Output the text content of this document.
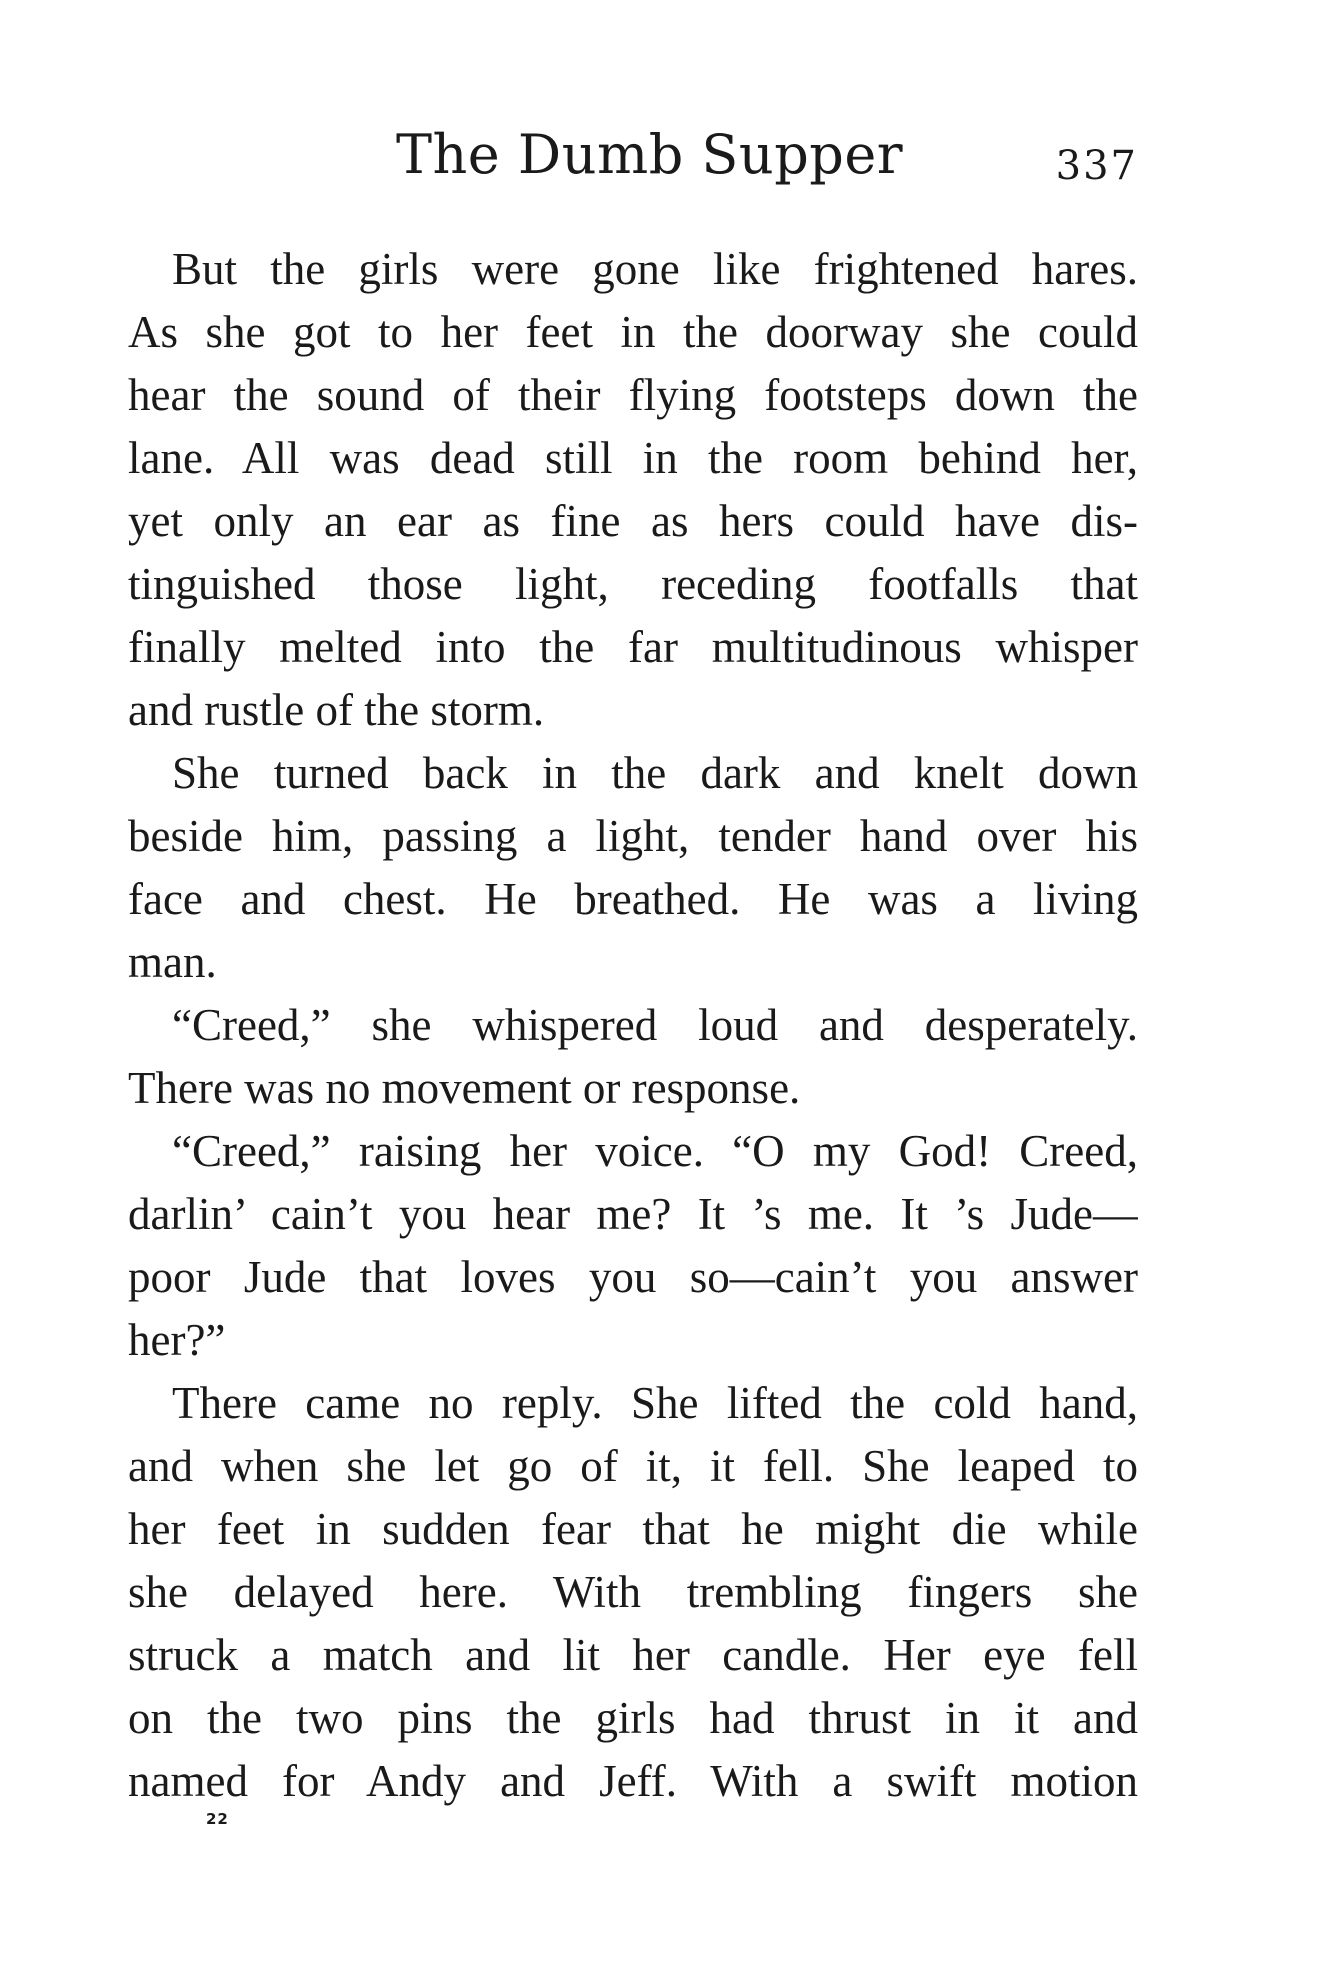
The Dumb Supper	337
But the girls were gone like frightened hares.
As she got to her feet in the doorway she could
hear the sound of their flying footsteps down the
lane. All was dead still in the room behind her,
yet only an ear as fine as hers could have dis-
tinguished those light, receding footfalls that
finally melted into the far multitudinous whisper
and rustle of the storm.
She turned back in the dark and knelt down
beside him, passing a light, tender hand over his
face and chest. He breathed. He was a living
man.
“Creed,” she whispered loud and desperately.
There was no movement or response.
“Creed,” raising her voice. “O my God! Creed,
darlin’ cain’t you hear me? It ’s me. It ’s Jude—
poor Jude that loves you so—cain’t you answer
her?”
There came no reply. She lifted the cold hand,
and when she let go of it, it fell. She leaped to
her feet in sudden fear that he might die while
she delayed here. With trembling fingers she
struck a match and lit her candle. Her eye fell
on the two pins the girls had thrust in it and
named for Andy and Jeff. With a swift motion
22
